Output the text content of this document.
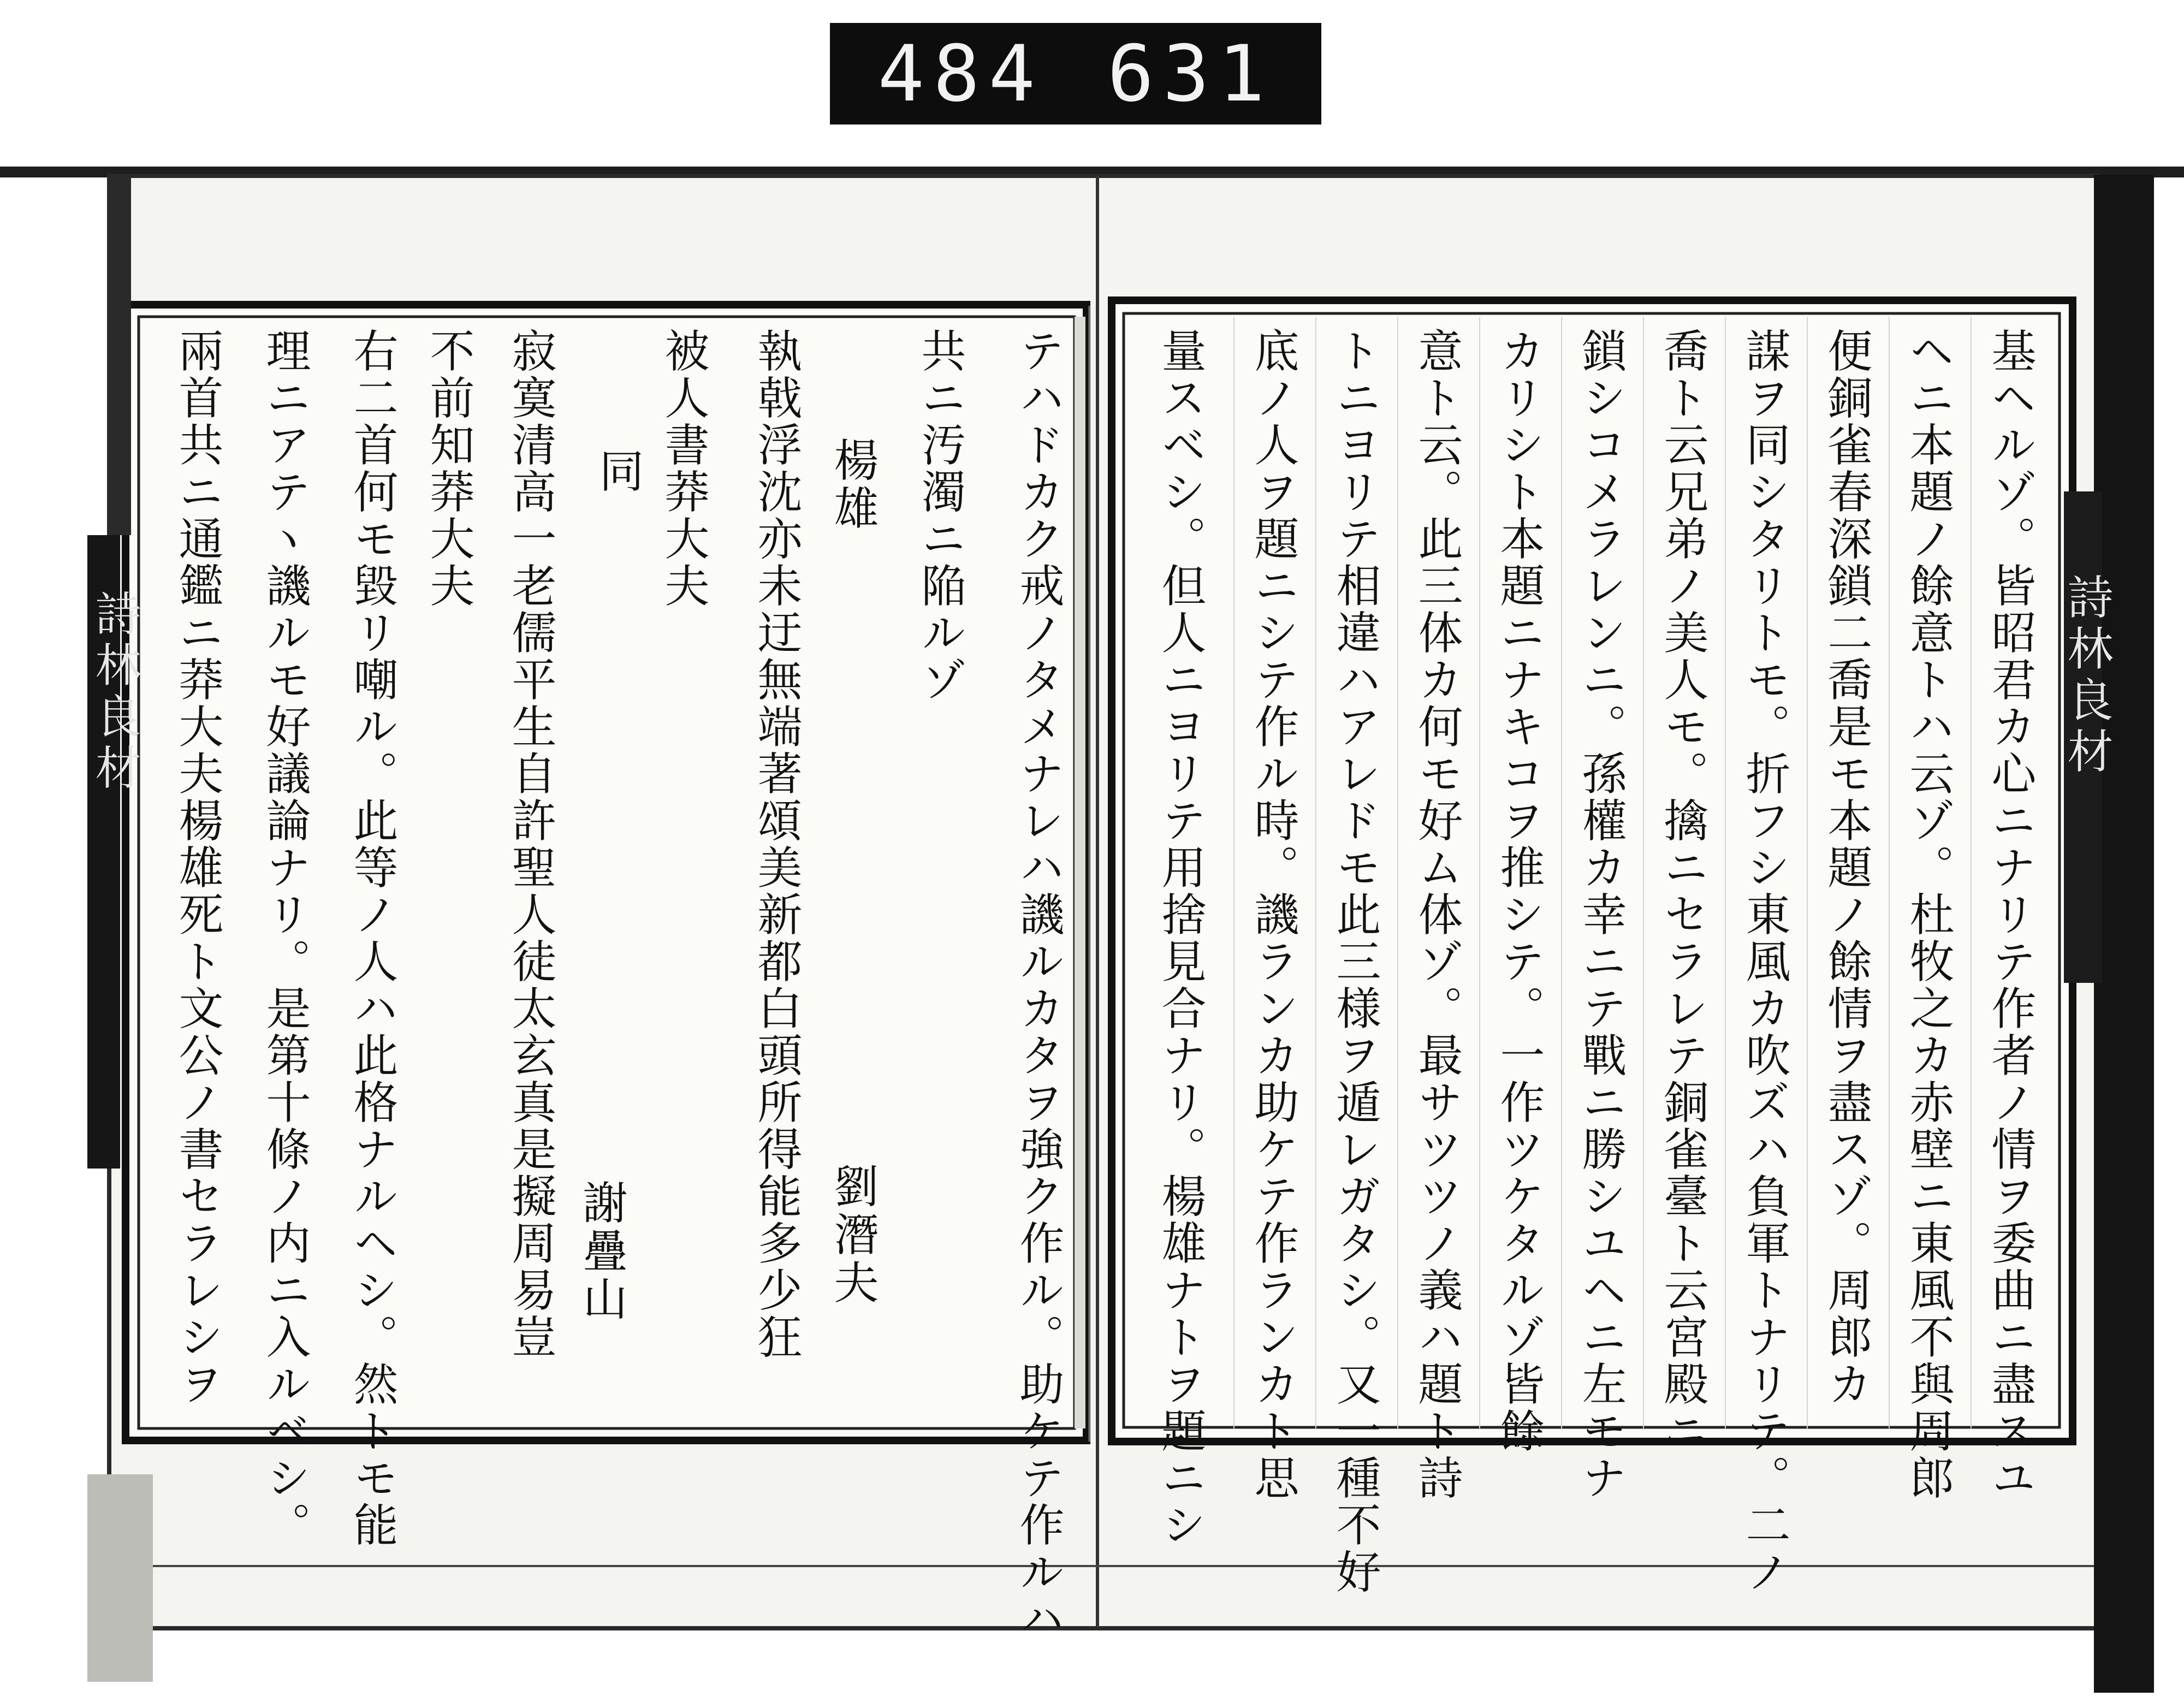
484 631
詩林良材
詩林良材	基ヘルゾ。皆昭君カ心ニナリテ作者ノ情ヲ委曲ニ盡スユ
ヘニ本題ノ餘意トハ云ゾ。杜牧之カ赤壁ニ東風不與周郎
便銅雀春深鎖二喬是モ本題ノ餘情ヲ盡スゾ。周郎カ
謀ヲ同シタリトモ。折フシ東風カ吹ズハ負軍トナリテ。二ノ
喬ト云兄弟ノ美人モ。擒ニセラレテ銅雀臺ト云宮殿ニ
鎖シコメラレンニ。孫權カ幸ニテ戰ニ勝シユヘニ左モナ
カリシト本題ニナキコヲ推シテ。一作ツケタルゾ皆餘
意ト云。此三体カ何モ好ム体ゾ。最サツツノ義ハ題ト詩
トニヨリテ相違ハアレドモ此三様ヲ遁レガタシ。又一種不好
底ノ人ヲ題ニシテ作ル時。譏ランカ助ケテ作ランカト思
量スベシ。但人ニヨリテ用捨見合ナリ。楊雄ナトヲ題ニシ
テハドカク戒ノタメナレハ譏ルカタヲ強ク作ル。助ケテ作ルハ
共ニ汚濁ニ陥ルゾ
楊雄
執戟浮沈亦未迂無端著頌美新都白頭所得能多少狂 劉潛夫
被人書莽大夫
同
謝疊山
寂寞清高一老儒平生自許聖人徒太玄真是擬周易豈
不前知莽大夫
右二首何モ毀リ嘲ル。此等ノ人ハ此格ナルヘシ。然トモ能
理ニアテヽ譏ルモ好議論ナリ。是第十條ノ内ニ入ルベシ。
兩首共ニ通鑑ニ莽大夫楊雄死ト文公ノ書セラレシヲ
